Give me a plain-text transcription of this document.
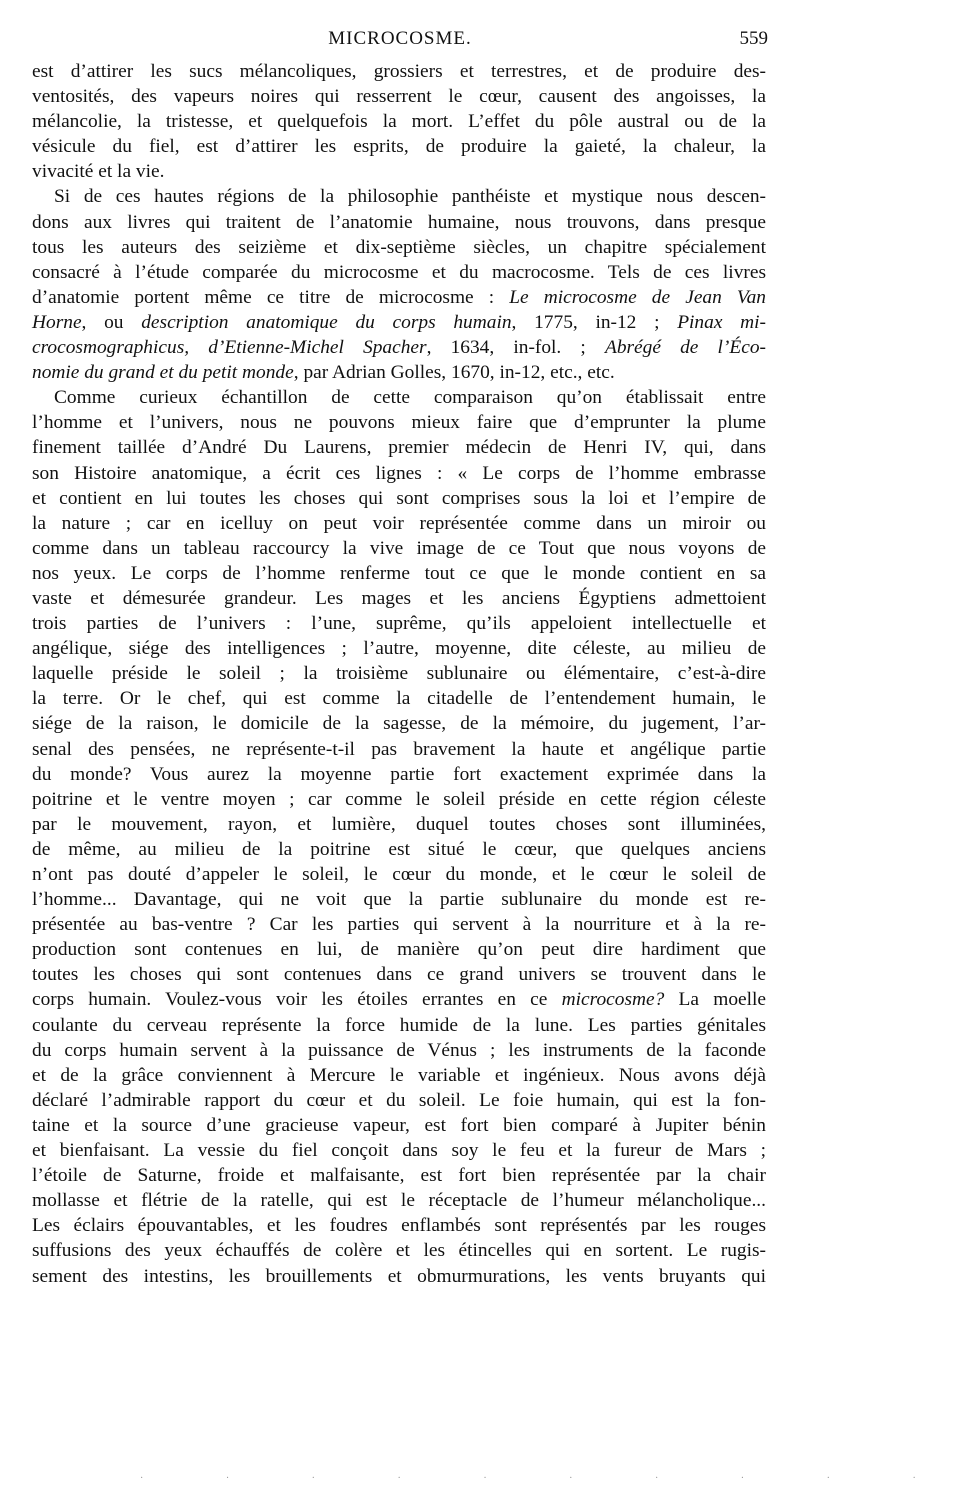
MICROCOSME.	559
est d’attirer les sucs mélancoliques, grossiers et terrestres, et de produire des-
ventosités, des vapeurs noires qui resserrent le cœur, causent des angoisses, la
mélancolie, la tristesse, et quelquefois la mort. L’effet du pôle austral ou de la
vésicule du fiel, est d’attirer les esprits, de produire la gaieté, la chaleur, la
vivacité et la vie.
Si de ces hautes régions de la philosophie panthéiste et mystique nous descen-
dons aux livres qui traitent de l’anatomie humaine, nous trouvons, dans presque
tous les auteurs des seizième et dix-septième siècles, un chapitre spécialement
consacré à l’étude comparée du microcosme et du macrocosme. Tels de ces livres
d’anatomie portent même ce titre de microcosme : Le microcosme de Jean Van
Horne, ou description anatomique du corps humain, 1775, in-12 ; Pinax mi-
crocosmographicus, d’Etienne-Michel Spacher, 1634, in-fol. ; Abrégé de l’Éco-
nomie du grand et du petit monde, par Adrian Golles, 1670, in-12, etc., etc.
Comme curieux échantillon de cette comparaison qu’on établissait entre
l’homme et l’univers, nous ne pouvons mieux faire que d’emprunter la plume
finement taillée d’André Du Laurens, premier médecin de Henri IV, qui, dans
son Histoire anatomique, a écrit ces lignes : « Le corps de l’homme embrasse
et contient en lui toutes les choses qui sont comprises sous la loi et l’empire de
la nature ; car en icelluy on peut voir représentée comme dans un miroir ou
comme dans un tableau raccourcy la vive image de ce Tout que nous voyons de
nos yeux. Le corps de l’homme renferme tout ce que le monde contient en sa
vaste et démesurée grandeur. Les mages et les anciens Égyptiens admettoient
trois parties de l’univers : l’une, suprême, qu’ils appeloient intellectuelle et
angélique, siége des intelligences ; l’autre, moyenne, dite céleste, au milieu de
laquelle préside le soleil ; la troisième sublunaire ou élémentaire, c’est-à-dire
la terre. Or le chef, qui est comme la citadelle de l’entendement humain, le
siége de la raison, le domicile de la sagesse, de la mémoire, du jugement, l’ar-
senal des pensées, ne représente-t-il pas bravement la haute et angélique partie
du monde? Vous aurez la moyenne partie fort exactement exprimée dans la
poitrine et le ventre moyen ; car comme le soleil préside en cette région céleste
par le mouvement, rayon, et lumière, duquel toutes choses sont illuminées,
de même, au milieu de la poitrine est situé le cœur, que quelques anciens
n’ont pas douté d’appeler le soleil, le cœur du monde, et le cœur le soleil de
l’homme... Davantage, qui ne voit que la partie sublunaire du monde est re-
présentée au bas-ventre ? Car les parties qui servent à la nourriture et à la re-
production sont contenues en lui, de manière qu’on peut dire hardiment que
toutes les choses qui sont contenues dans ce grand univers se trouvent dans le
corps humain. Voulez-vous voir les étoiles errantes en ce microcosme? La moelle
coulante du cerveau représente la force humide de la lune. Les parties génitales
du corps humain servent à la puissance de Vénus ; les instruments de la faconde
et de la grâce conviennent à Mercure le variable et ingénieux. Nous avons déjà
déclaré l’admirable rapport du cœur et du soleil. Le foie humain, qui est la fon-
taine et la source d’une gracieuse vapeur, est fort bien comparé à Jupiter bénin
et bienfaisant. La vessie du fiel conçoit dans soy le feu et la fureur de Mars ;
l’étoile de Saturne, froide et malfaisante, est fort bien représentée par la chair
mollasse et flétrie de la ratelle, qui est le réceptacle de l’humeur mélancholique...
Les éclairs épouvantables, et les foudres enflambés sont représentés par les rouges
suffusions des yeux échauffés de colère et les étincelles qui en sortent. Le rugis-
sement des intestins, les brouillements et obmurmurations, les vents bruyants qui
· · · · · · · · · ·
